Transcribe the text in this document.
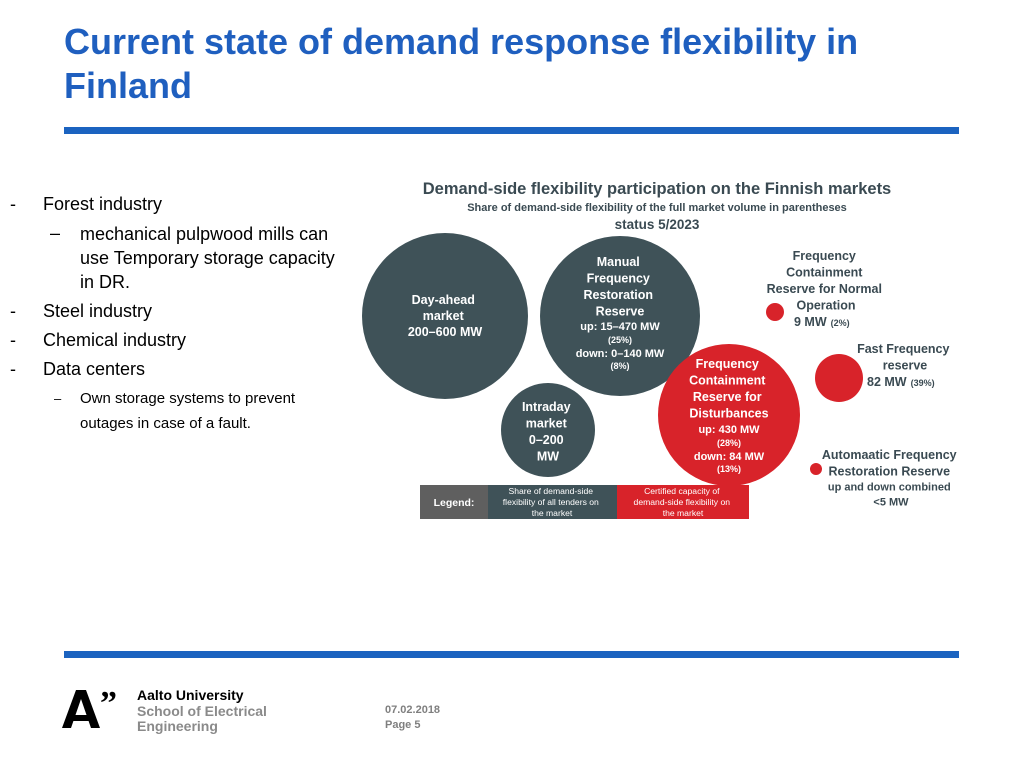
Current state of demand response flexibility in Finland
- Forest industry
– mechanical pulpwood mills can use Temporary storage capacity in DR.
- Steel industry
- Chemical industry
- Data centers
– Own storage systems to prevent outages in case of a fault.
Demand-side flexibility participation on the Finnish markets
Share of demand-side flexibility of the full market volume in parentheses
status 5/2023
Day-ahead market 200–600 MW
Manual Frequency Restoration Reserve
up: 15–470 MW
(25%)
down: 0–140 MW
(8%)
Intraday market 0–200 MW
Frequency Containment Reserve for Disturbances
up: 430 MW
(28%)
down: 84 MW
(13%)
Frequency Containment Reserve for Normal Operation
9 MW (2%)
Fast Frequency reserve
82 MW (39%)
Automaatic Frequency Restoration Reserve up and down combined <5 MW
Legend:
Share of demand-side flexibility of all tenders on the market
Certified capacity of demand-side flexibility on the market
” Aalto University
School of Electrical
Engineering
07.02.2018
Page 5
